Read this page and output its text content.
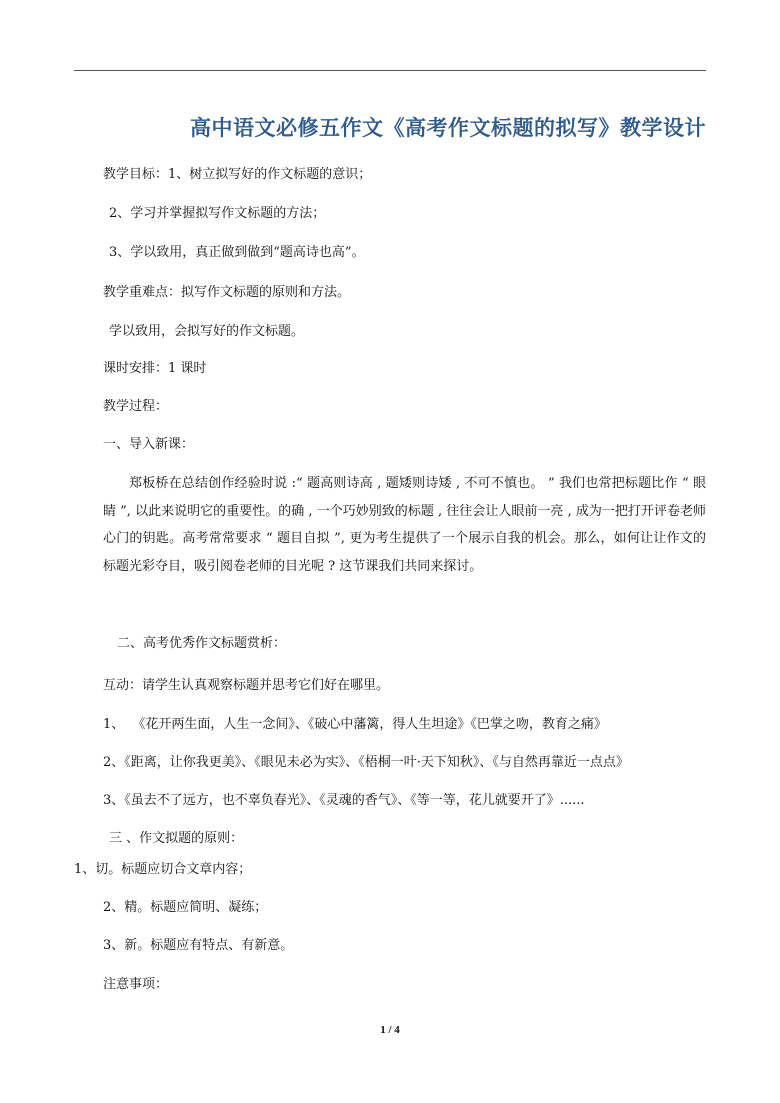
高中语文必修五作文《高考作文标题的拟写》教学设计
教学目标：1、树立拟写好的作文标题的意识；
2、学习并掌握拟写作文标题的方法；
3、学以致用，真正做到做到“题高诗也高”。
教学重难点：拟写作文标题的原则和方法。
学以致用，会拟写好的作文标题。
课时安排：1 课时
教学过程：
一、导入新课：

郑板桥在总结创作经验时说 :“ 题高则诗高 , 题矮则诗矮 , 不可不慎也。 ” 我们也常把标题比作 “ 眼睛 ”, 以此来说明它的重要性。的确 , 一个巧妙别致的标题 , 往往会让人眼前一亮 , 成为一把打开评卷老师心门的钥匙。高考常常要求 “ 题目自拟 ”, 更为考生提供了一个展示自我的机会。那么，如何让让作文的标题光彩夺目，吸引阅卷老师的目光呢 ? 这节课我们共同来探讨。

二、高考优秀作文标题赏析：
互动：请学生认真观察标题并思考它们好在哪里。
1、 《花开两生面，人生一念间》、《破心中藩篱，得人生坦途》《巴掌之吻，教育之痛》
2、《距离，让你我更美》、《眼见未必为实》、《梧桐一叶·天下知秋》、《与自然再靠近一点点》
3、《虽去不了远方，也不辜负春光》、《灵魂的香气》、《等一等，花儿就要开了》......
三 、作文拟题的原则：
1、切。标题应切合文章内容；
2、精。标题应简明、凝练；
3、新。标题应有特点、有新意。
注意事项：
1 / 4
